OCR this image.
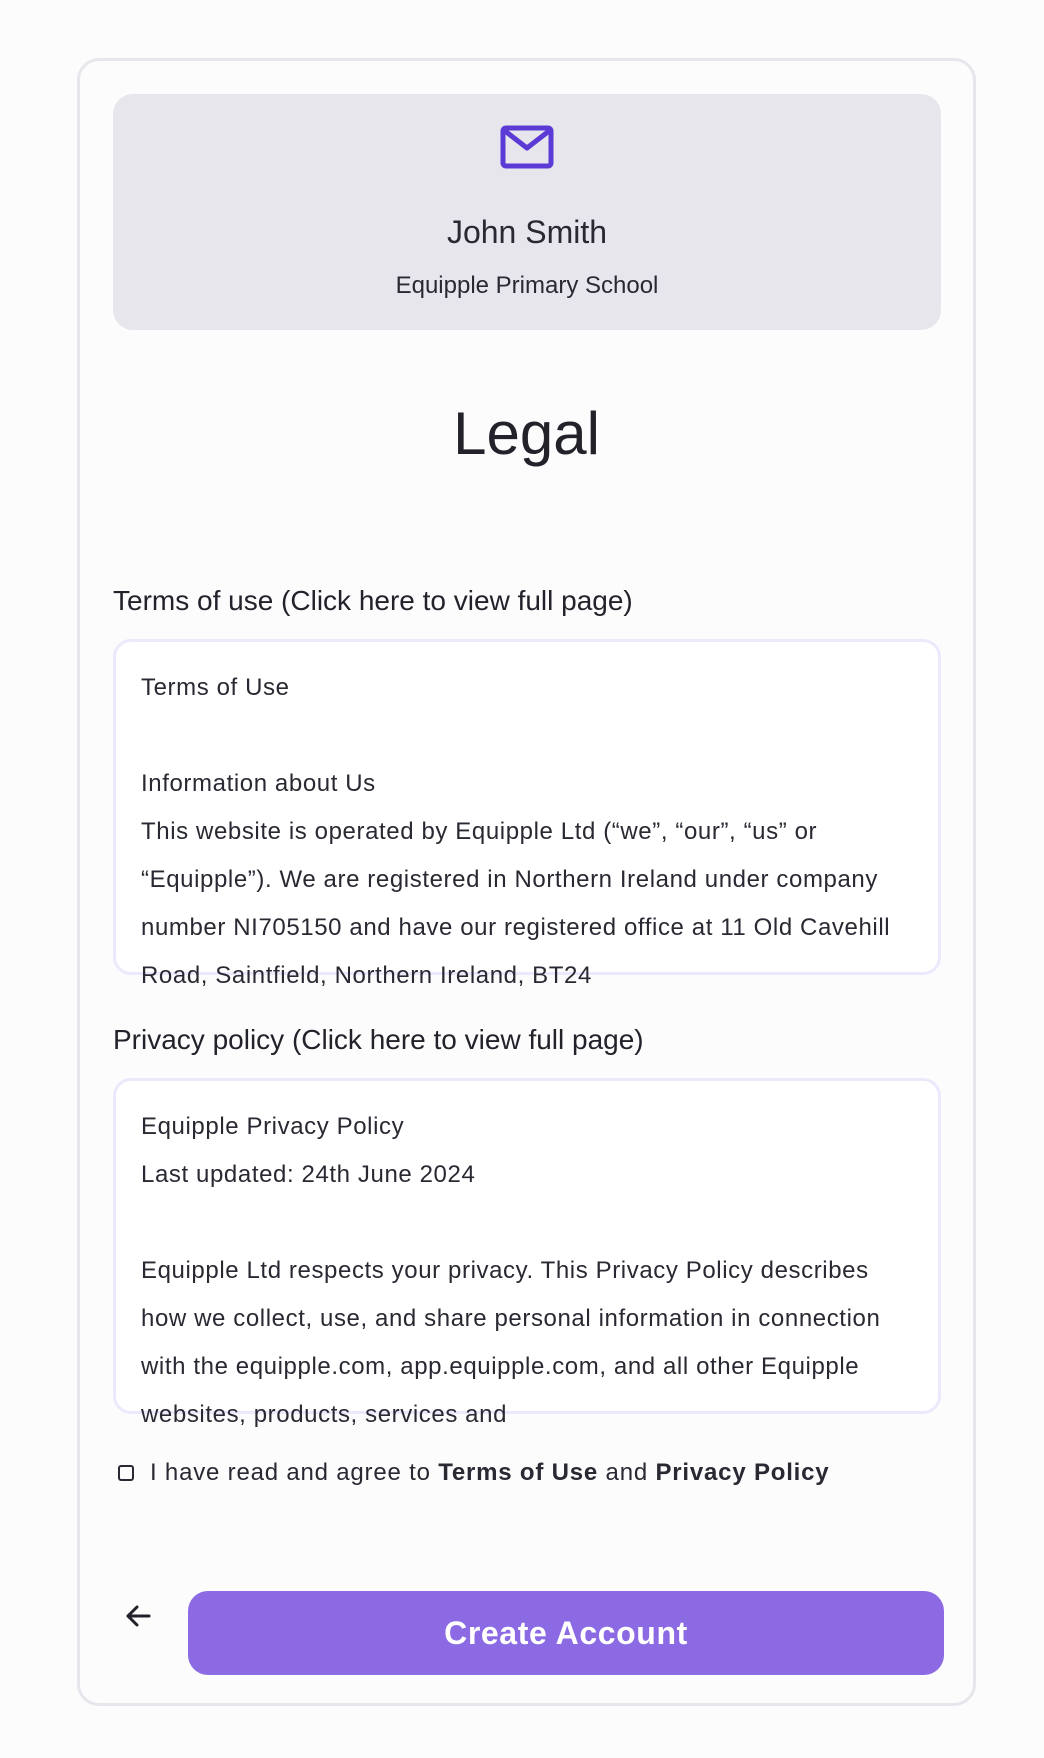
John Smith
Equipple Primary School
Legal
Terms of use (Click here to view full page)

Terms of Use

Information about Us
This website is operated by Equipple Ltd (“we”, “our”, “us” or “Equipple”). We are registered in Northern Ireland under company number NI705150 and have our registered office at 11 Old Cavehill Road, Saintfield, Northern Ireland, BT24

Privacy policy (Click here to view full page)

Equipple Privacy Policy
Last updated: 24th June 2024

Equipple Ltd respects your privacy. This Privacy Policy describes how we collect, use, and share personal information in connection with the equipple.com, app.equipple.com, and all other Equipple websites, products, services and

I have read and agree to Terms of Use and Privacy Policy
Create Account
